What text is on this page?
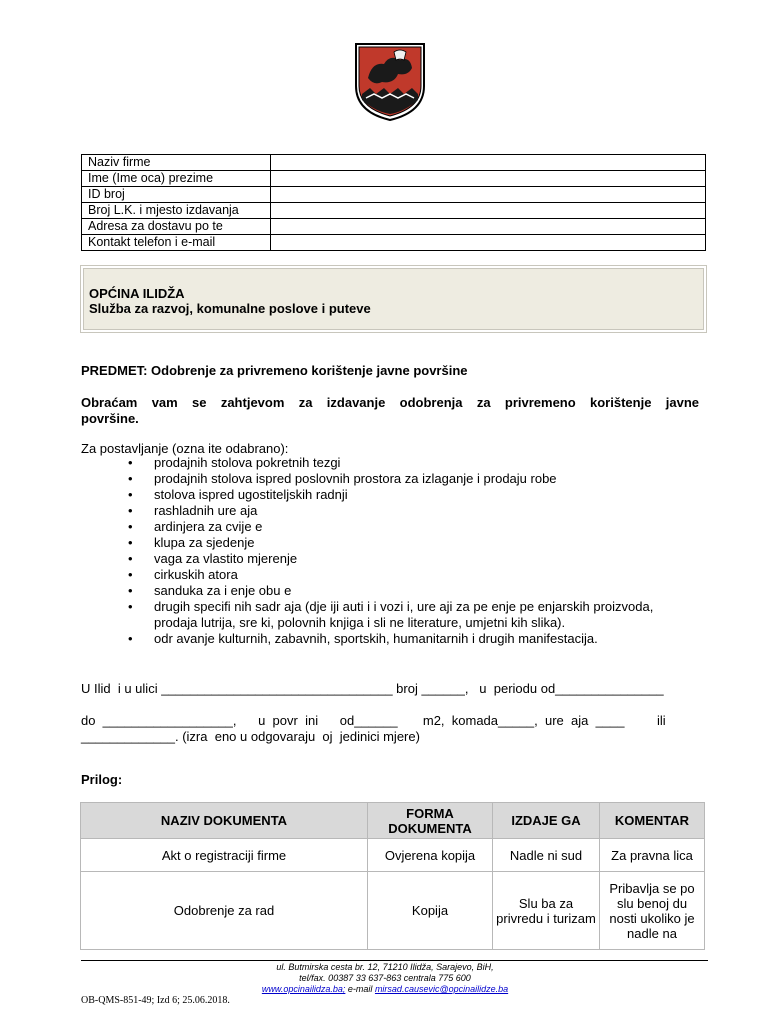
Naziv firme	
Ime (Ime oca) prezime	
ID broj	
Broj L.K. i mjesto izdavanja	
Adresa za dostavu po te	
Kontakt telefon i e-mail	
OPĆINA ILIDŽA
Služba za razvoj, komunalne poslove i puteve
PREDMET: Odobrenje za privremeno korištenje javne površine
Obraćam vam se zahtjevom za izdavanje odobrenja za privremeno korištenje javne
površine.
Za postavljanje (ozna ite odabrano):
• prodajnih stolova pokretnih tezgi
• prodajnih stolova ispred poslovnih prostora za izlaganje i prodaju robe
• stolova ispred ugostiteljskih radnji
• rashladnih ure aja
• ardinjera za cvije e
• klupa za sjedenje
• vaga za vlastito mjerenje
• cirkuskih atora
• sanduka za i enje obu e
• drugih specifi nih sadr aja (dje iji auti i i vozi i, ure aji za pe enje pe enjarskih proizvoda, prodaja lutrija, sre ki, polovnih knjiga i sli ne literature, umjetni kih slika).
• odr avanje kulturnih, zabavnih, sportskih, humanitarnih i drugih manifestacija.
U Ilid  i u ulici ________________________________ broj ______,   u  periodu od_______________
do  __________________,      u  povr  ini      od______       m2,  komada_____,  ure  aja  ____         ili
_____________. (izra  eno u odgovaraju  oj  jedinici mjere)
Prilog:
NAZIV DOKUMENTA	FORMA DOKUMENTA	IZDAJE GA	KOMENTAR
Akt o registraciji firme	Ovjerena kopija	Nadle ni sud	Za pravna lica
Odobrenje za rad	Kopija	Slu ba za privredu i turizam	Pribavlja se po slu benoj du nosti ukoliko je nadle na
ul. Butmirska cesta br. 12, 71210 Ilidža, Sarajevo, BiH,
tel/fax. 00387 33 637-863 centrala 775 600
www.opcinailidza.ba; e-mail mirsad.causevic@opcinailidze.ba
OB-QMS-851-49; Izd 6; 25.06.2018.
